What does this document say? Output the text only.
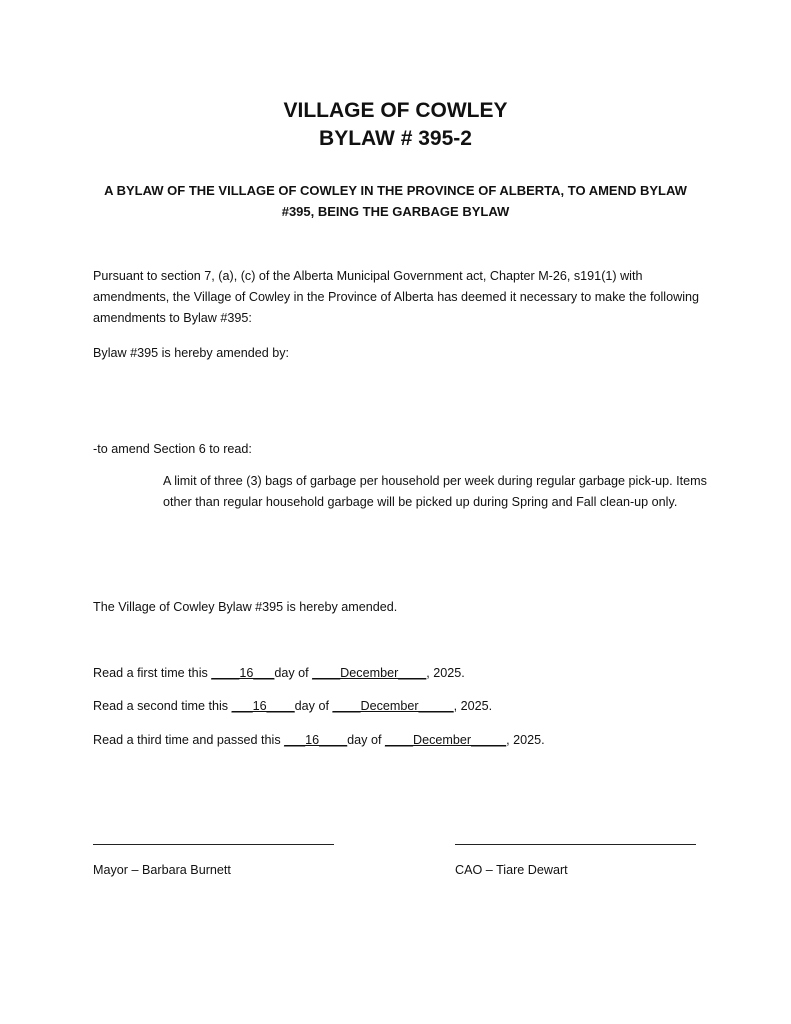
VILLAGE OF COWLEY
BYLAW # 395-2

A BYLAW OF THE VILLAGE OF COWLEY IN THE PROVINCE OF ALBERTA, TO AMEND BYLAW #395, BEING THE GARBAGE BYLAW

Pursuant to section 7, (a), (c) of the Alberta Municipal Government act, Chapter M-26, s191(1) with amendments, the Village of Cowley in the Province of Alberta has deemed it necessary to make the following amendments to Bylaw #395:

Bylaw #395 is hereby amended by:

-to amend Section 6 to read:

A limit of three (3) bags of garbage per household per week during regular garbage pick-up. Items other than regular household garbage will be picked up during Spring and Fall clean-up only.

The Village of Cowley Bylaw #395 is hereby amended.

Read a first time this ____16___day of ____December____, 2025.

Read a second time this ___16____day of ____December_____, 2025.

Read a third time and passed this ___16____day of ____December_____, 2025.

Mayor – Barbara Burnett	CAO – Tiare Dewart
